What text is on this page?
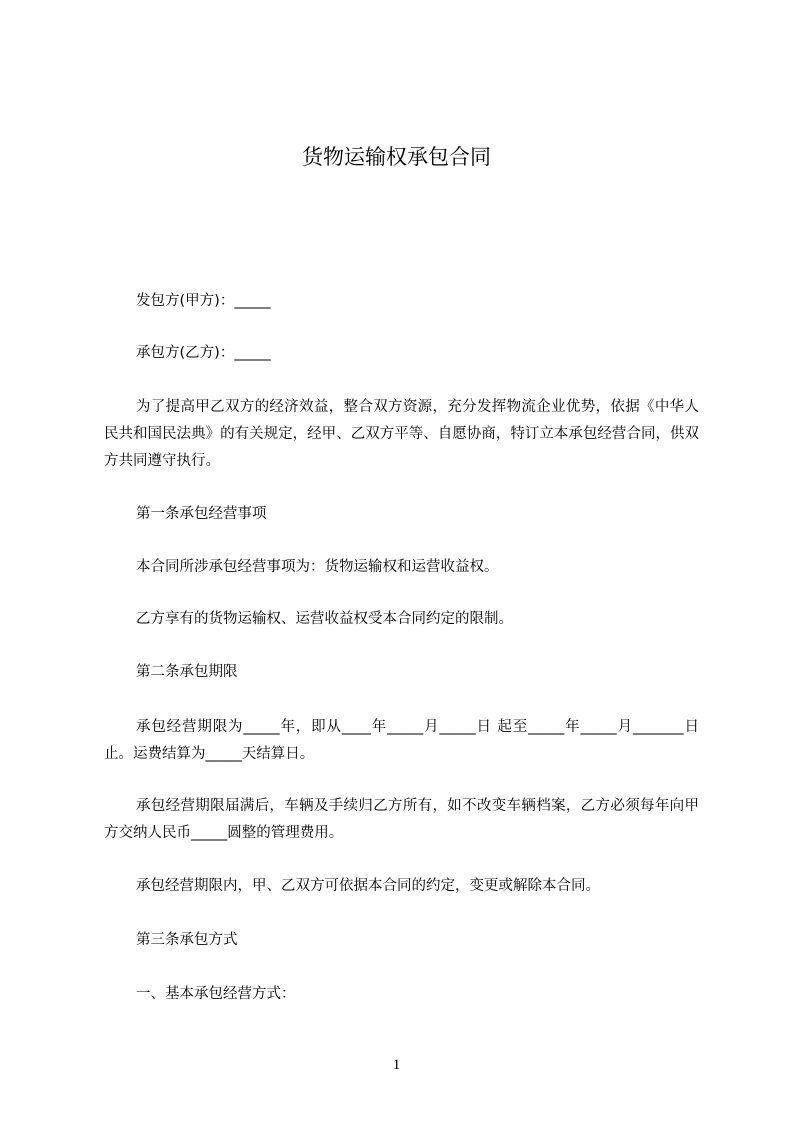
货物运输权承包合同

发包方(甲方)：_____

承包方(乙方)：_____

为了提高甲乙双方的经济效益，整合双方资源，充分发挥物流企业优势，依据《中华人民共和国民法典》的有关规定，经甲、乙双方平等、自愿协商，特订立本承包经营合同，供双方共同遵守执行。

第一条承包经营事项

本合同所涉承包经营事项为：货物运输权和运营收益权。

乙方享有的货物运输权、运营收益权受本合同约定的限制。

第二条承包期限

承包经营期限为_____年，即从____年_____月_____日 起至_____年_____月_______日止。运费结算为_____天结算日。

承包经营期限届满后，车辆及手续归乙方所有，如不改变车辆档案，乙方必须每年向甲方交纳人民币_____圆整的管理费用。

承包经营期限内，甲、乙双方可依据本合同的约定，变更或解除本合同。

第三条承包方式

一、基本承包经营方式：

1
